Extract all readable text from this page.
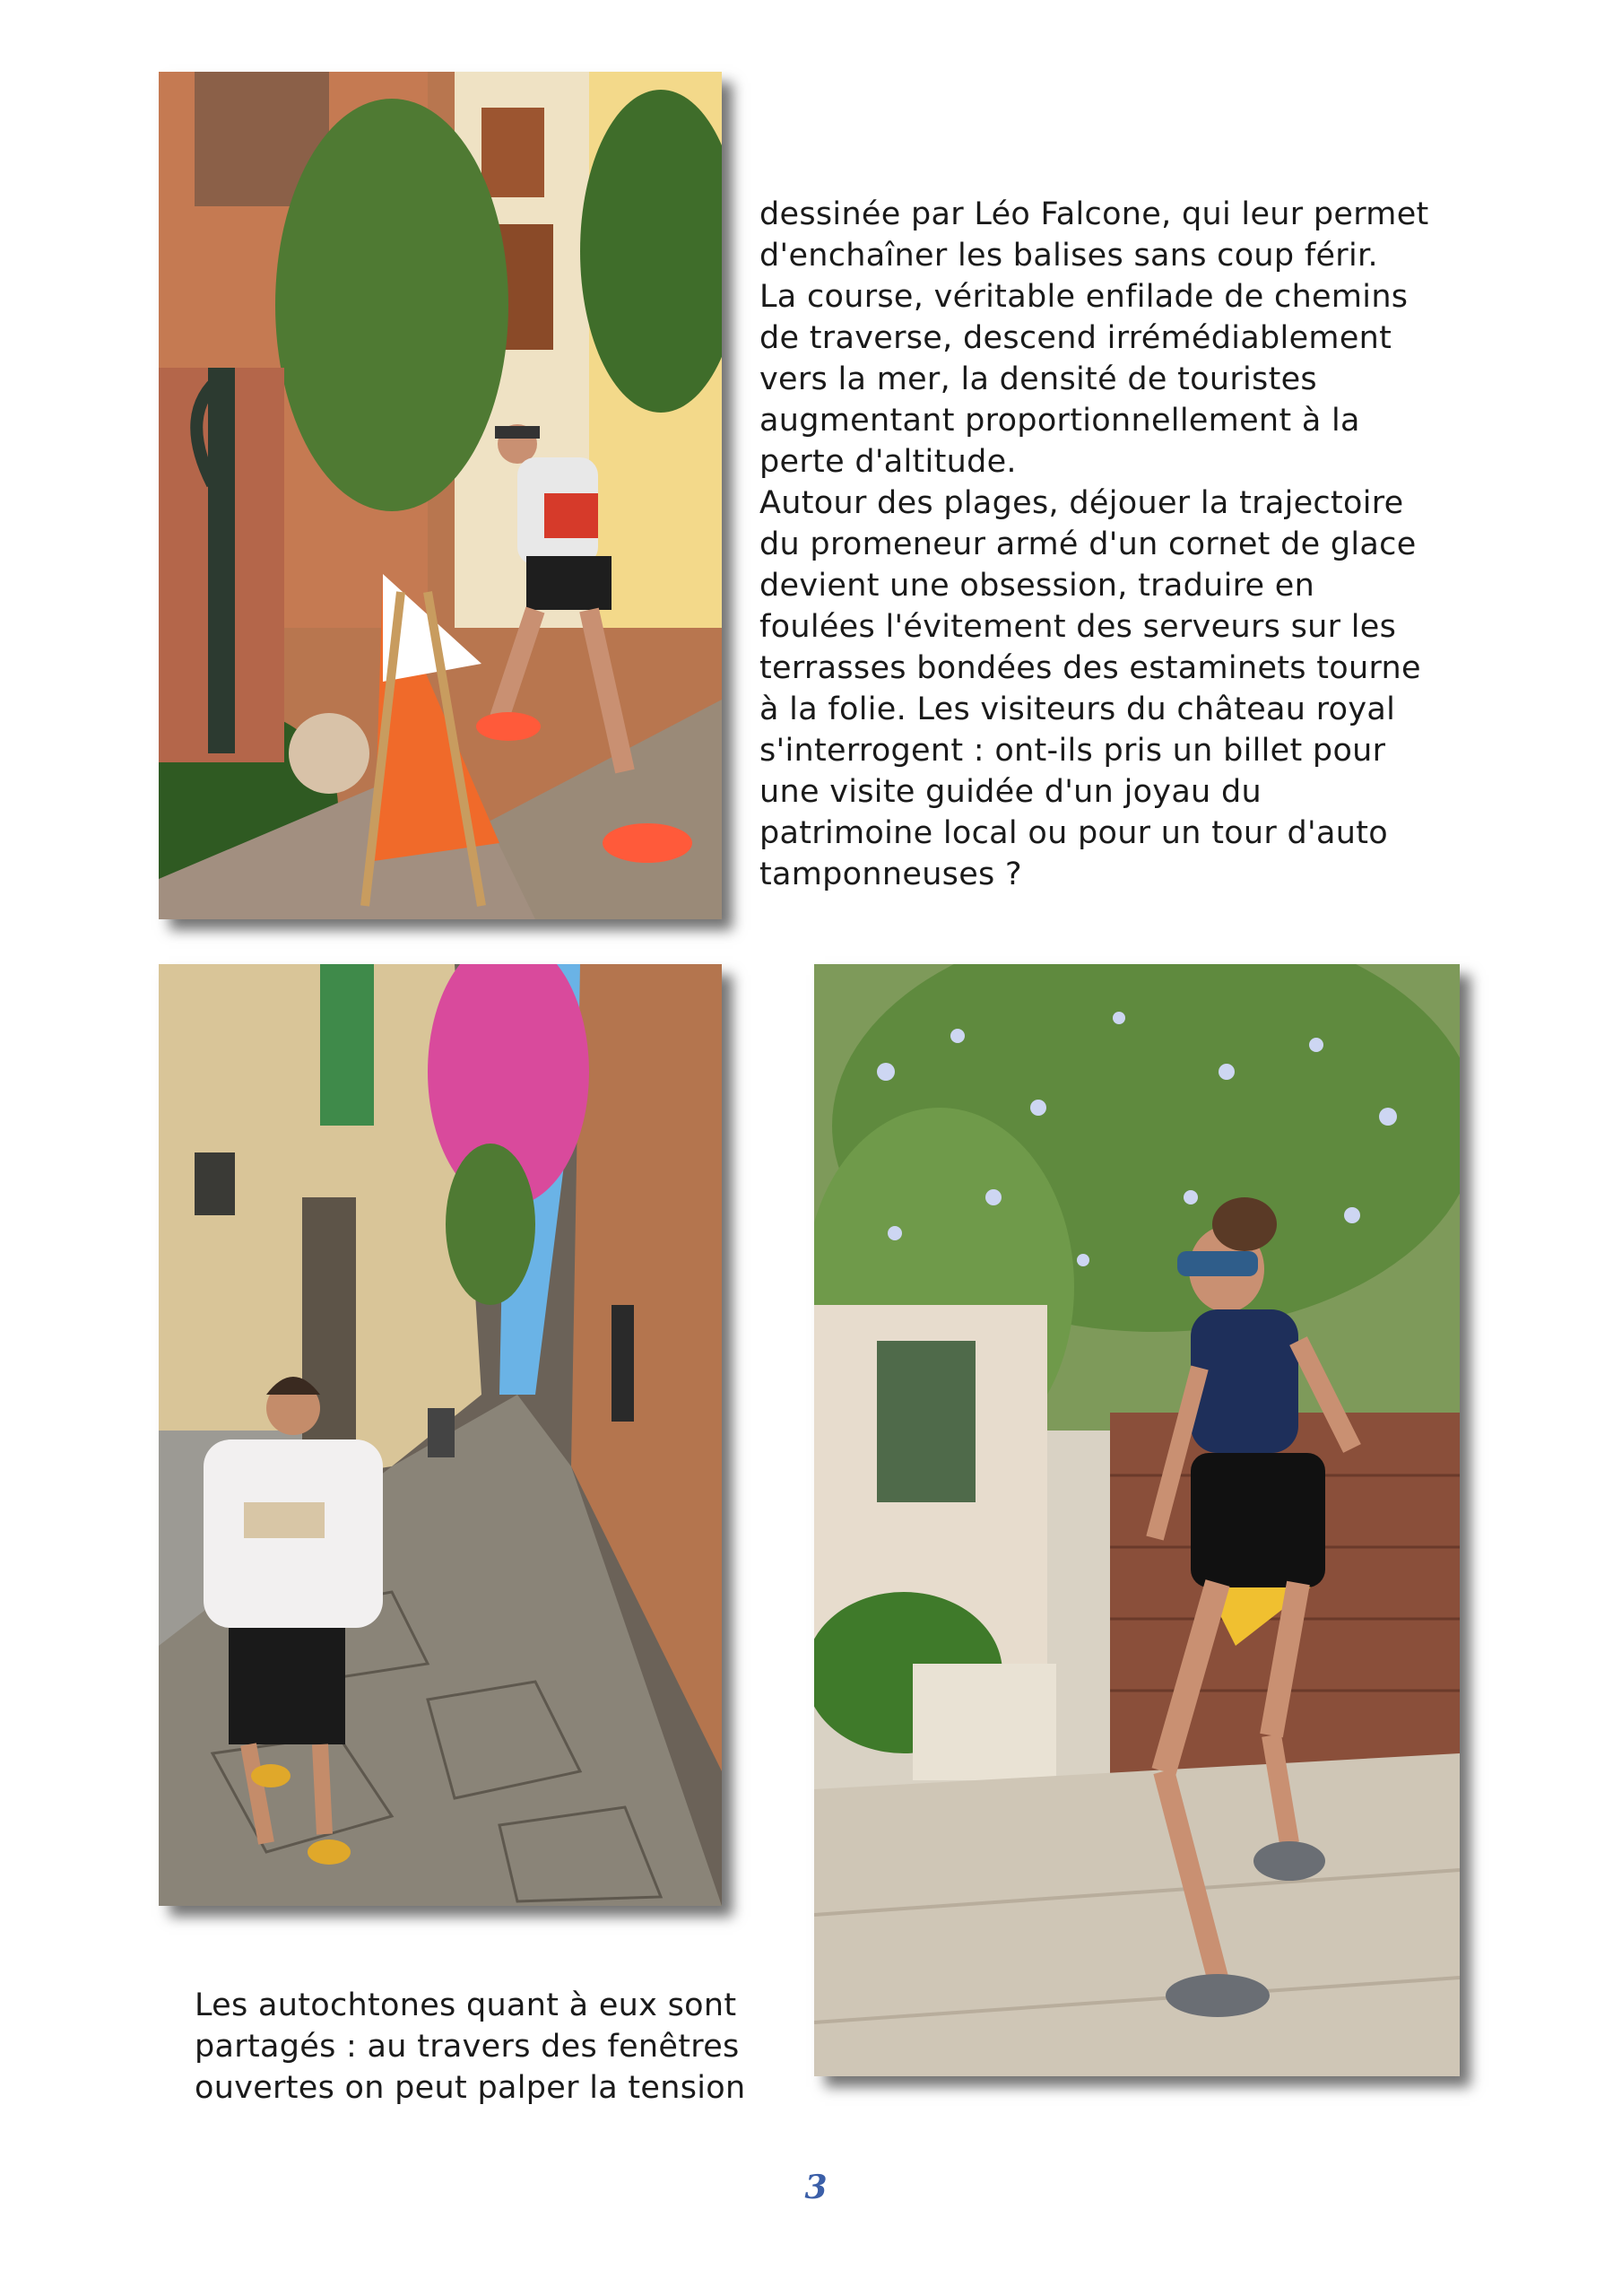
dessinée par Léo Falcone, qui leur permet
d'enchaîner les balises sans coup férir.
La course, véritable enfilade de chemins
de traverse, descend irrémédiablement
vers la mer, la densité de touristes
augmentant proportionnellement à la
perte d'altitude.
Autour des plages, déjouer la trajectoire
du promeneur armé d'un cornet de glace
devient une obsession, traduire en
foulées l'évitement des serveurs sur les
terrasses bondées des estaminets tourne
à la folie. Les visiteurs du château royal
s'interrogent : ont-ils pris un billet pour
une visite guidée d'un joyau du
patrimoine local ou pour un tour d'auto
tamponneuses ?
Les autochtones quant à eux sont
partagés : au travers des fenêtres
ouvertes on peut palper la tension
3
